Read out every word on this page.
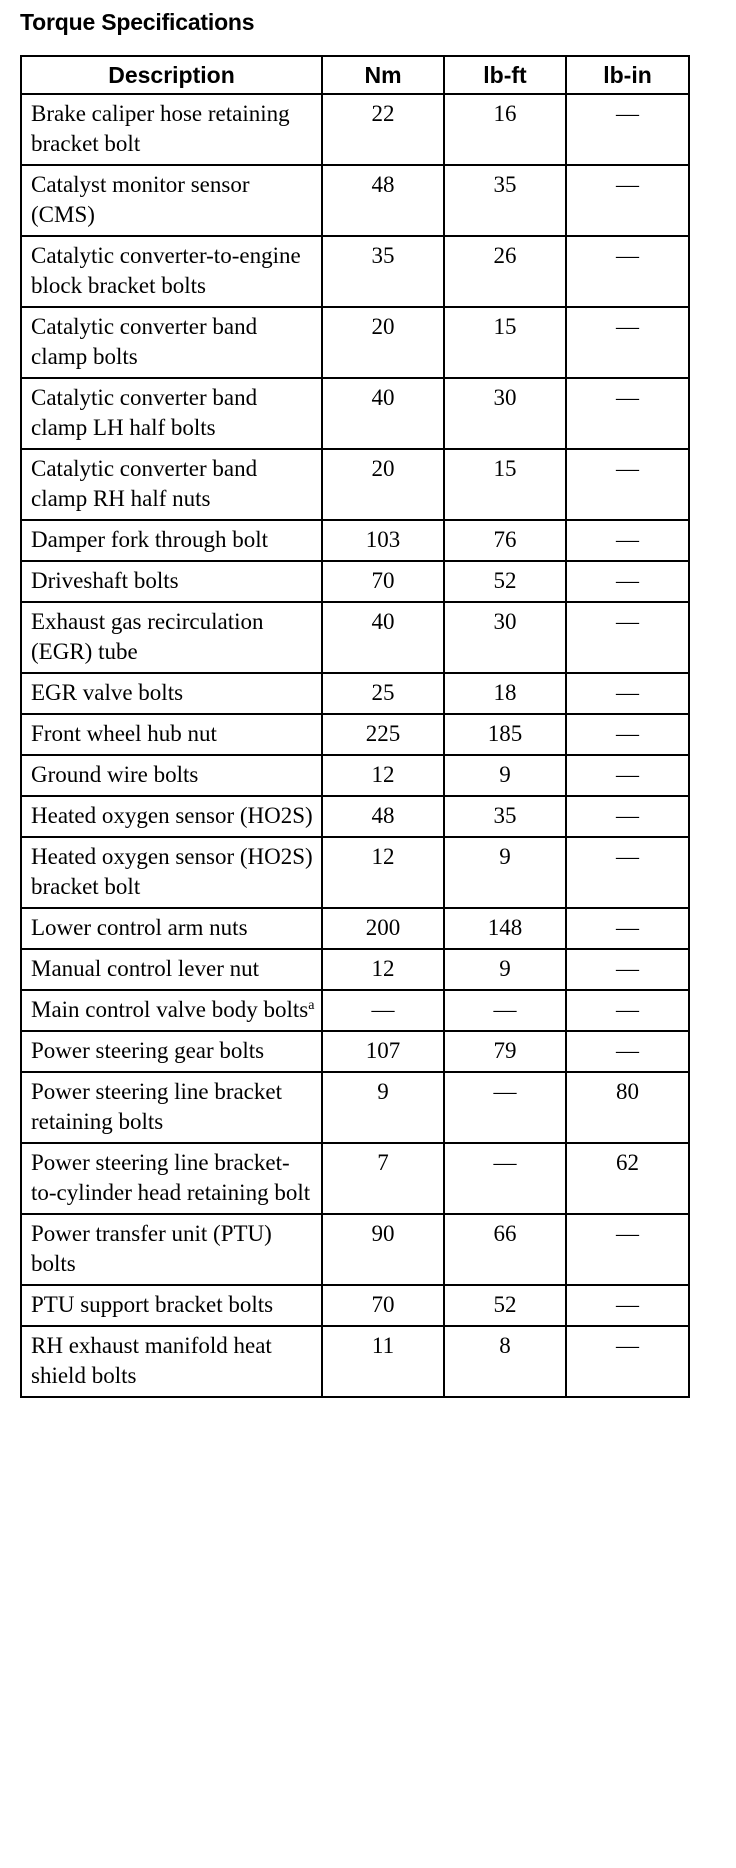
Torque Specifications
Description	Nm	lb-ft	lb-in
Brake caliper hose retaining bracket bolt	22	16	—
Catalyst monitor sensor (CMS)	48	35	—
Catalytic converter-to-engine block bracket bolts	35	26	—
Catalytic converter band clamp bolts	20	15	—
Catalytic converter band clamp LH half bolts	40	30	—
Catalytic converter band clamp RH half nuts	20	15	—
Damper fork through bolt	103	76	—
Driveshaft bolts	70	52	—
Exhaust gas recirculation (EGR) tube	40	30	—
EGR valve bolts	25	18	—
Front wheel hub nut	225	185	—
Ground wire bolts	12	9	—
Heated oxygen sensor (HO2S)	48	35	—
Heated oxygen sensor (HO2S) bracket bolt	12	9	—
Lower control arm nuts	200	148	—
Manual control lever nut	12	9	—
Main control valve body bolts$^a$	—	—	—
Power steering gear bolts	107	79	—
Power steering line bracket retaining bolts	9	—	80
Power steering line bracket-to-cylinder head retaining bolt	7	—	62
Power transfer unit (PTU) bolts	90	66	—
PTU support bracket bolts	70	52	—
RH exhaust manifold heat shield bolts	11	8	—
